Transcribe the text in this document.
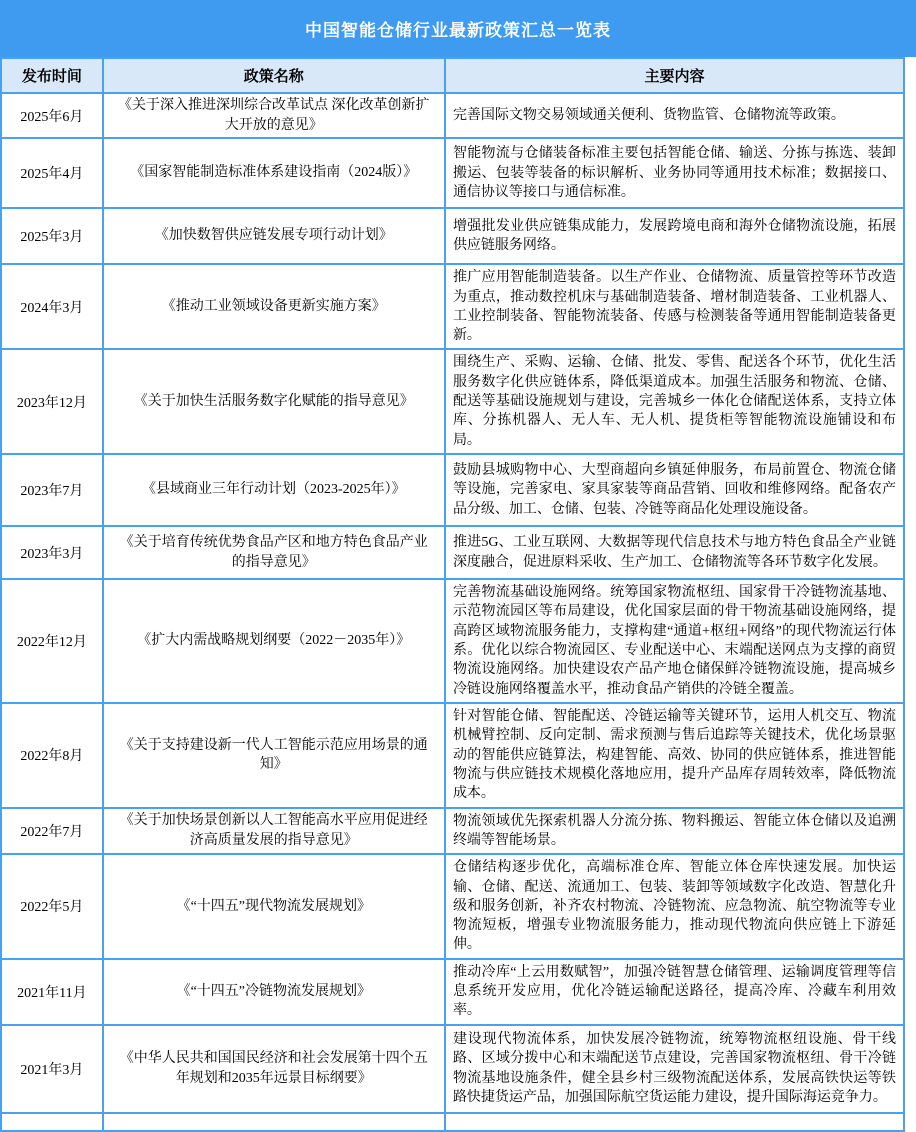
中国智能仓储行业最新政策汇总一览表
发布时间	政策名称	主要内容
2025年6月	《关于深入推进深圳综合改革试点 深化改革创新扩大开放的意见》	完善国际文物交易领域通关便利、货物监管、仓储物流等政策。
2025年4月	《国家智能制造标准体系建设指南（2024版）》	智能物流与仓储装备标准主要包括智能仓储、输送、分拣与拣选、装卸搬运、包装等装备的标识解析、业务协同等通用技术标准；数据接口、通信协议等接口与通信标准。
2025年3月	《加快数智供应链发展专项行动计划》	增强批发业供应链集成能力，发展跨境电商和海外仓储物流设施，拓展供应链服务网络。
2024年3月	《推动工业领域设备更新实施方案》	推广应用智能制造装备。以生产作业、仓储物流、质量管控等环节改造为重点，推动数控机床与基础制造装备、增材制造装备、工业机器人、工业控制装备、智能物流装备、传感与检测装备等通用智能制造装备更新。
2023年12月	《关于加快生活服务数字化赋能的指导意见》	围绕生产、采购、运输、仓储、批发、零售、配送各个环节，优化生活服务数字化供应链体系，降低渠道成本。加强生活服务和物流、仓储、配送等基础设施规划与建设，完善城乡一体化仓储配送体系，支持立体库、分拣机器人、无人车、无人机、提货柜等智能物流设施铺设和布局。
2023年7月	《县域商业三年行动计划（2023-2025年）》	鼓励县城购物中心、大型商超向乡镇延伸服务，布局前置仓、物流仓储等设施，完善家电、家具家装等商品营销、回收和维修网络。配备农产品分级、加工、仓储、包装、冷链等商品化处理设施设备。
2023年3月	《关于培育传统优势食品产区和地方特色食品产业的指导意见》	推进5G、工业互联网、大数据等现代信息技术与地方特色食品全产业链深度融合，促进原料采收、生产加工、仓储物流等各环节数字化发展。
2022年12月	《扩大内需战略规划纲要（2022－2035年）》	完善物流基础设施网络。统筹国家物流枢纽、国家骨干冷链物流基地、示范物流园区等布局建设，优化国家层面的骨干物流基础设施网络，提高跨区域物流服务能力，支撑构建“通道+枢纽+网络”的现代物流运行体系。优化以综合物流园区、专业配送中心、末端配送网点为支撑的商贸物流设施网络。加快建设农产品产地仓储保鲜冷链物流设施，提高城乡冷链设施网络覆盖水平，推动食品产销供的冷链全覆盖。
2022年8月	《关于支持建设新一代人工智能示范应用场景的通知》	针对智能仓储、智能配送、冷链运输等关键环节，运用人机交互、物流机械臂控制、反向定制、需求预测与售后追踪等关键技术，优化场景驱动的智能供应链算法，构建智能、高效、协同的供应链体系，推进智能物流与供应链技术规模化落地应用，提升产品库存周转效率，降低物流成本。
2022年7月	《关于加快场景创新以人工智能高水平应用促进经济高质量发展的指导意见》	物流领域优先探索机器人分流分拣、物料搬运、智能立体仓储以及追溯终端等智能场景。
2022年5月	《“十四五”现代物流发展规划》	仓储结构逐步优化，高端标准仓库、智能立体仓库快速发展。加快运输、仓储、配送、流通加工、包装、装卸等领域数字化改造、智慧化升级和服务创新，补齐农村物流、冷链物流、应急物流、航空物流等专业物流短板，增强专业物流服务能力，推动现代物流向供应链上下游延伸。
2021年11月	《“十四五”冷链物流发展规划》	推动冷库“上云用数赋智”，加强冷链智慧仓储管理、运输调度管理等信息系统开发应用，优化冷链运输配送路径，提高冷库、冷藏车利用效率。
2021年3月	《中华人民共和国国民经济和社会发展第十四个五年规划和2035年远景目标纲要》	建设现代物流体系，加快发展冷链物流，统筹物流枢纽设施、骨干线路、区域分拨中心和末端配送节点建设，完善国家物流枢纽、骨干冷链物流基地设施条件，健全县乡村三级物流配送体系，发展高铁快运等铁路快捷货运产品，加强国际航空货运能力建设，提升国际海运竞争力。
